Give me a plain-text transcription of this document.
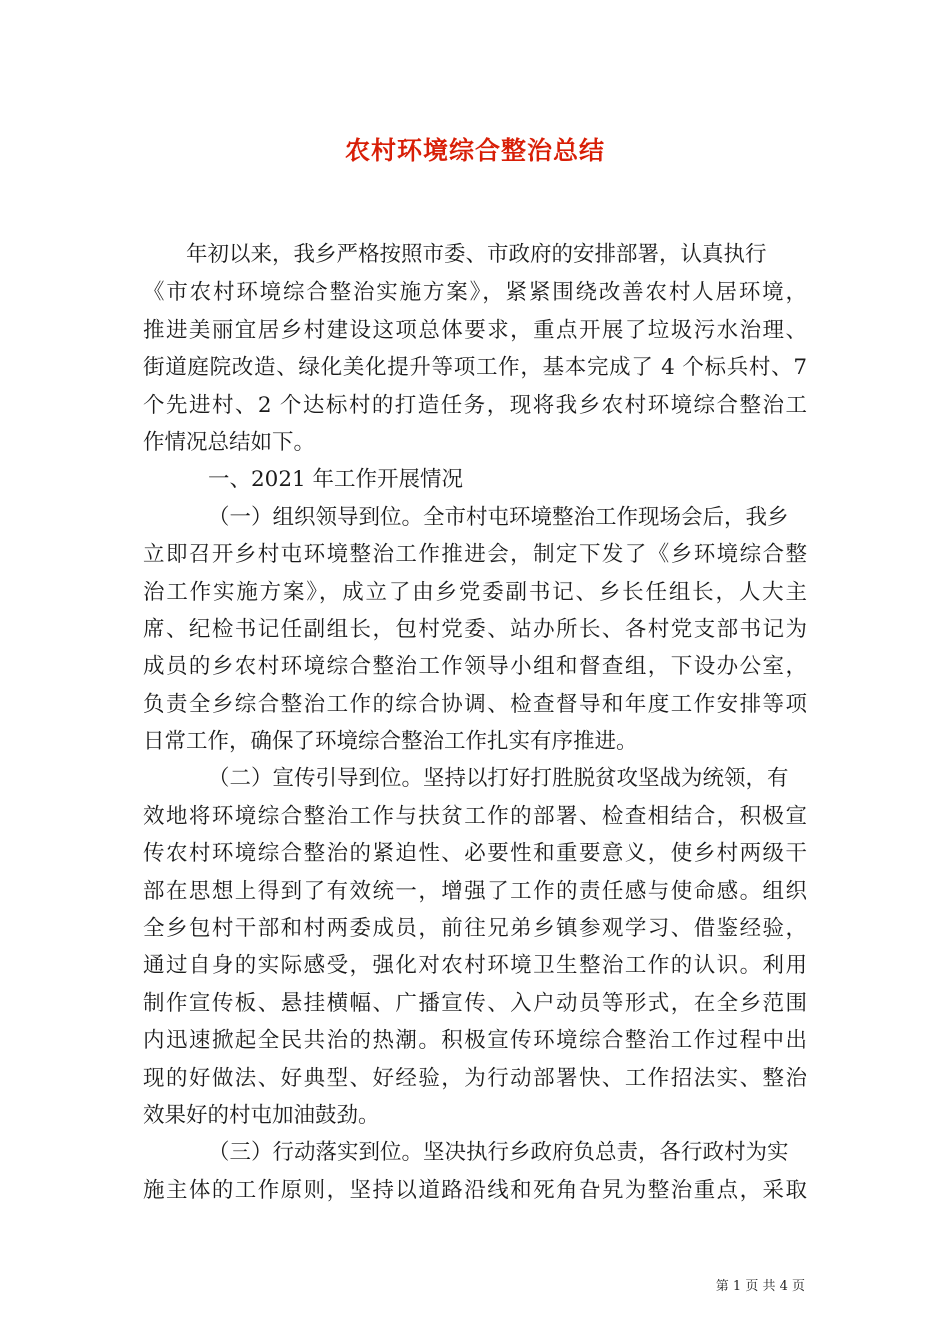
农村环境综合整治总结
年初以来，我乡严格按照市委、市政府的安排部署，认真执行
《市农村环境综合整治实施方案》，紧紧围绕改善农村人居环境，
推进美丽宜居乡村建设这项总体要求，重点开展了垃圾污水治理、
街道庭院改造、绿化美化提升等项工作，基本完成了 4 个标兵村、7
个先进村、2 个达标村的打造任务，现将我乡农村环境综合整治工
作情况总结如下。
一、2021 年工作开展情况
（一）组织领导到位。全市村屯环境整治工作现场会后，我乡
立即召开乡村屯环境整治工作推进会，制定下发了《乡环境综合整
治工作实施方案》，成立了由乡党委副书记、乡长任组长，人大主
席、纪检书记任副组长，包村党委、站办所长、各村党支部书记为
成员的乡农村环境综合整治工作领导小组和督查组，下设办公室，
负责全乡综合整治工作的综合协调、检查督导和年度工作安排等项
日常工作，确保了环境综合整治工作扎实有序推进。
（二）宣传引导到位。坚持以打好打胜脱贫攻坚战为统领，有
效地将环境综合整治工作与扶贫工作的部署、检查相结合，积极宣
传农村环境综合整治的紧迫性、必要性和重要意义，使乡村两级干
部在思想上得到了有效统一，增强了工作的责任感与使命感。组织
全乡包村干部和村两委成员，前往兄弟乡镇参观学习、借鉴经验，
通过自身的实际感受，强化对农村环境卫生整治工作的认识。利用
制作宣传板、悬挂横幅、广播宣传、入户动员等形式，在全乡范围
内迅速掀起全民共治的热潮。积极宣传环境综合整治工作过程中出
现的好做法、好典型、好经验，为行动部署快、工作招法实、整治
效果好的村屯加油鼓劲。
（三）行动落实到位。坚决执行乡政府负总责，各行政村为实
施主体的工作原则，坚持以道路沿线和死角旮旯为整治重点，采取
第 1 页 共 4 页
